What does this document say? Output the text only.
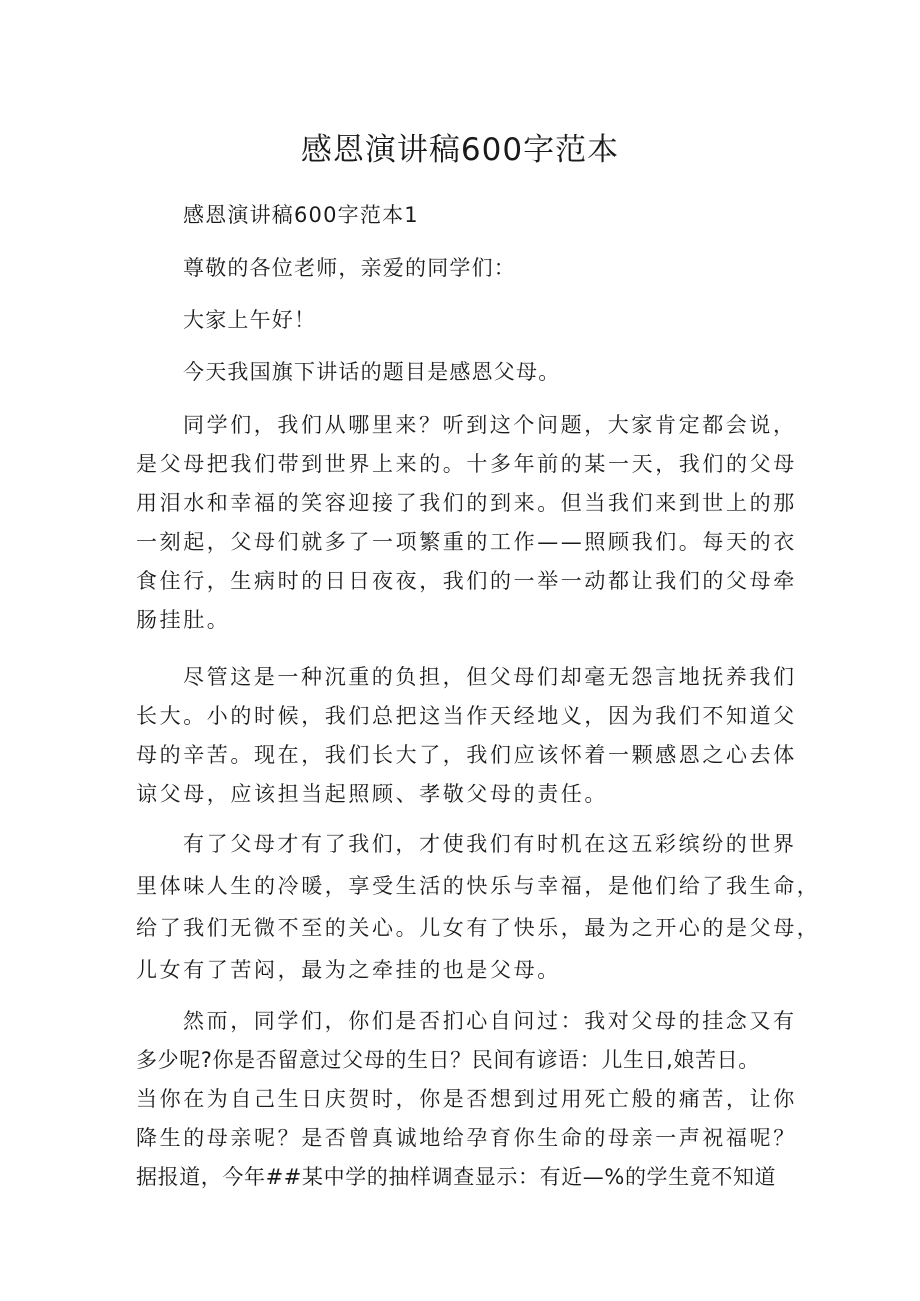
感恩演讲稿600字范本

感恩演讲稿600字范本1

尊敬的各位老师，亲爱的同学们：

大家上午好！

今天我国旗下讲话的题目是感恩父母。

同学们，我们从哪里来？听到这个问题，大家肯定都会说，

是父母把我们带到世界上来的。十多年前的某一天，我们的父母

用泪水和幸福的笑容迎接了我们的到来。但当我们来到世上的那

一刻起，父母们就多了一项繁重的工作——照顾我们。每天的衣

食住行，生病时的日日夜夜，我们的一举一动都让我们的父母牵

肠挂肚。

尽管这是一种沉重的负担，但父母们却毫无怨言地抚养我们

长大。小的时候，我们总把这当作天经地义，因为我们不知道父

母的辛苦。现在，我们长大了，我们应该怀着一颗感恩之心去体

谅父母，应该担当起照顾、孝敬父母的责任。

有了父母才有了我们，才使我们有时机在这五彩缤纷的世界

里体味人生的冷暖，享受生活的快乐与幸福，是他们给了我生命，

给了我们无微不至的关心。儿女有了快乐，最为之开心的是父母，

儿女有了苦闷，最为之牵挂的也是父母。

然而，同学们，你们是否扪心自问过：我对父母的挂念又有

多少呢?你是否留意过父母的生日？民间有谚语：儿生日,娘苦日。

当你在为自己生日庆贺时，你是否想到过用死亡般的痛苦，让你

降生的母亲呢？是否曾真诚地给孕育你生命的母亲一声祝福呢？

据报道，今年##某中学的抽样调查显示：有近—%的学生竟不知道
